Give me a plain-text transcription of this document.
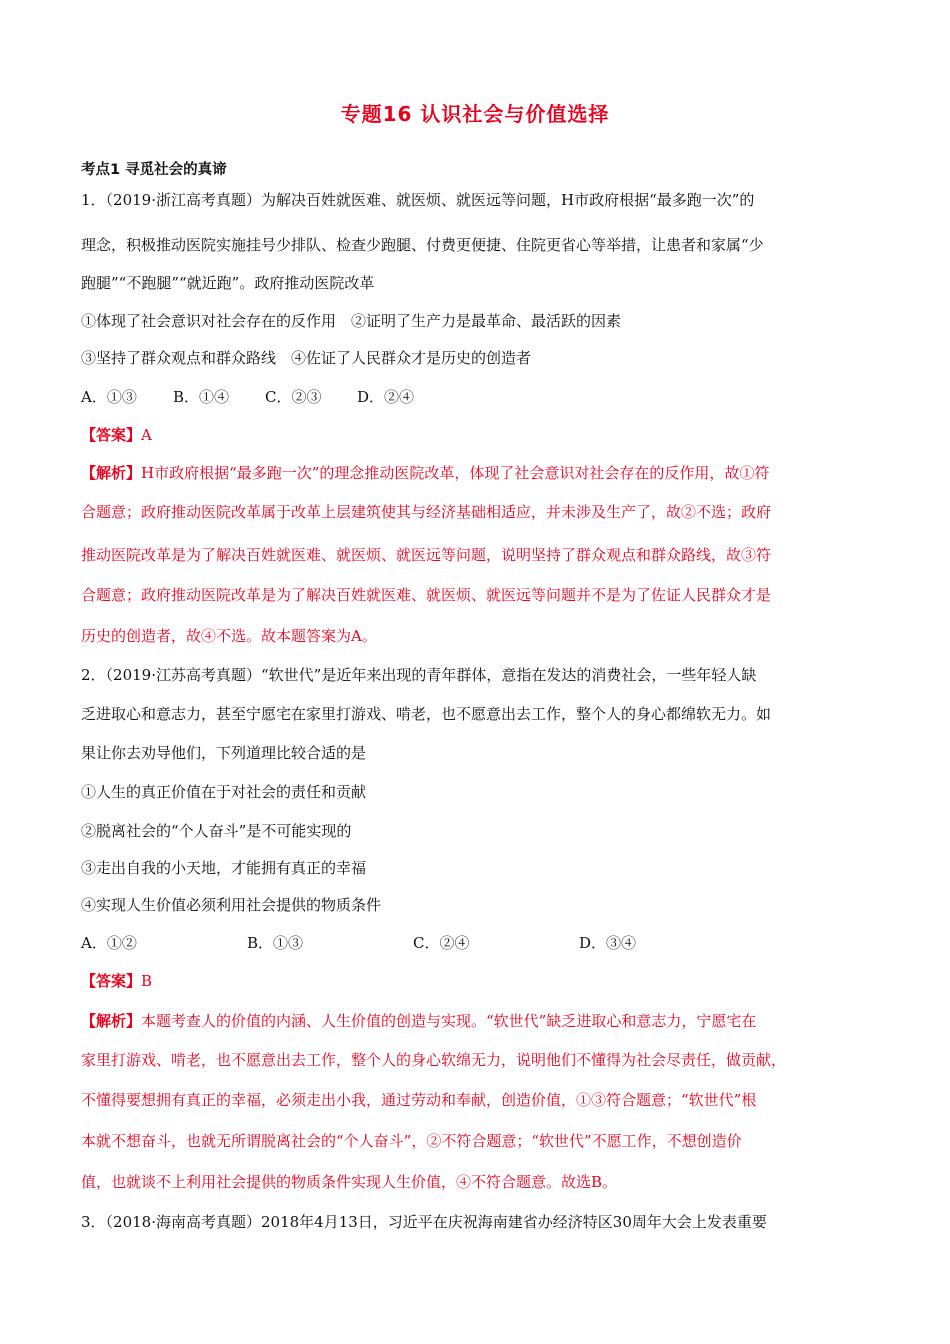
专题16 认识社会与价值选择
考点1 寻觅社会的真谛
1．（2019·浙江高考真题）为解决百姓就医难、就医烦、就医远等问题，H市政府根据“最多跑一次”的
理念，积极推动医院实施挂号少排队、检查少跑腿、付费更便捷、住院更省心等举措，让患者和家属“少
跑腿”“不跑腿”“就近跑”。政府推动医院改革
①体现了社会意识对社会存在的反作用　②证明了生产力是最革命、最活跃的因素
③坚持了群众观点和群众路线　④佐证了人民群众才是历史的创造者
A．①③ B．①④ C．②③ D．②④
【答案】A
【解析】H市政府根据“最多跑一次”的理念推动医院改革，体现了社会意识对社会存在的反作用，故①符
合题意；政府推动医院改革属于改革上层建筑使其与经济基础相适应，并未涉及生产了，故②不选；政府
推动医院改革是为了解决百姓就医难、就医烦、就医远等问题，说明坚持了群众观点和群众路线，故③符
合题意；政府推动医院改革是为了解决百姓就医难、就医烦、就医远等问题并不是为了佐证人民群众才是
历史的创造者，故④不选。故本题答案为A。
2．（2019·江苏高考真题）“软世代”是近年来出现的青年群体，意指在发达的消费社会，一些年轻人缺
乏进取心和意志力，甚至宁愿宅在家里打游戏、啃老，也不愿意出去工作，整个人的身心都绵软无力。如
果让你去劝导他们，下列道理比较合适的是
①人生的真正价值在于对社会的责任和贡献
②脱离社会的“个人奋斗”是不可能实现的
③走出自我的小天地，才能拥有真正的幸福
④实现人生价值必须利用社会提供的物质条件
A．①②	B．①③	C．②④	D．③④
【答案】B
【解析】本题考查人的价值的内涵、人生价值的创造与实现。“软世代”缺乏进取心和意志力，宁愿宅在
家里打游戏、啃老，也不愿意出去工作，整个人的身心软绵无力，说明他们不懂得为社会尽责任，做贡献，
不懂得要想拥有真正的幸福，必须走出小我，通过劳动和奉献，创造价值，①③符合题意；“软世代”根
本就不想奋斗，也就无所谓脱离社会的“个人奋斗”，②不符合题意；“软世代”不愿工作，不想创造价
值，也就谈不上利用社会提供的物质条件实现人生价值，④不符合题意。故选B。
3．（2018·海南高考真题）2018年4月13日，习近平在庆祝海南建省办经济特区30周年大会上发表重要
